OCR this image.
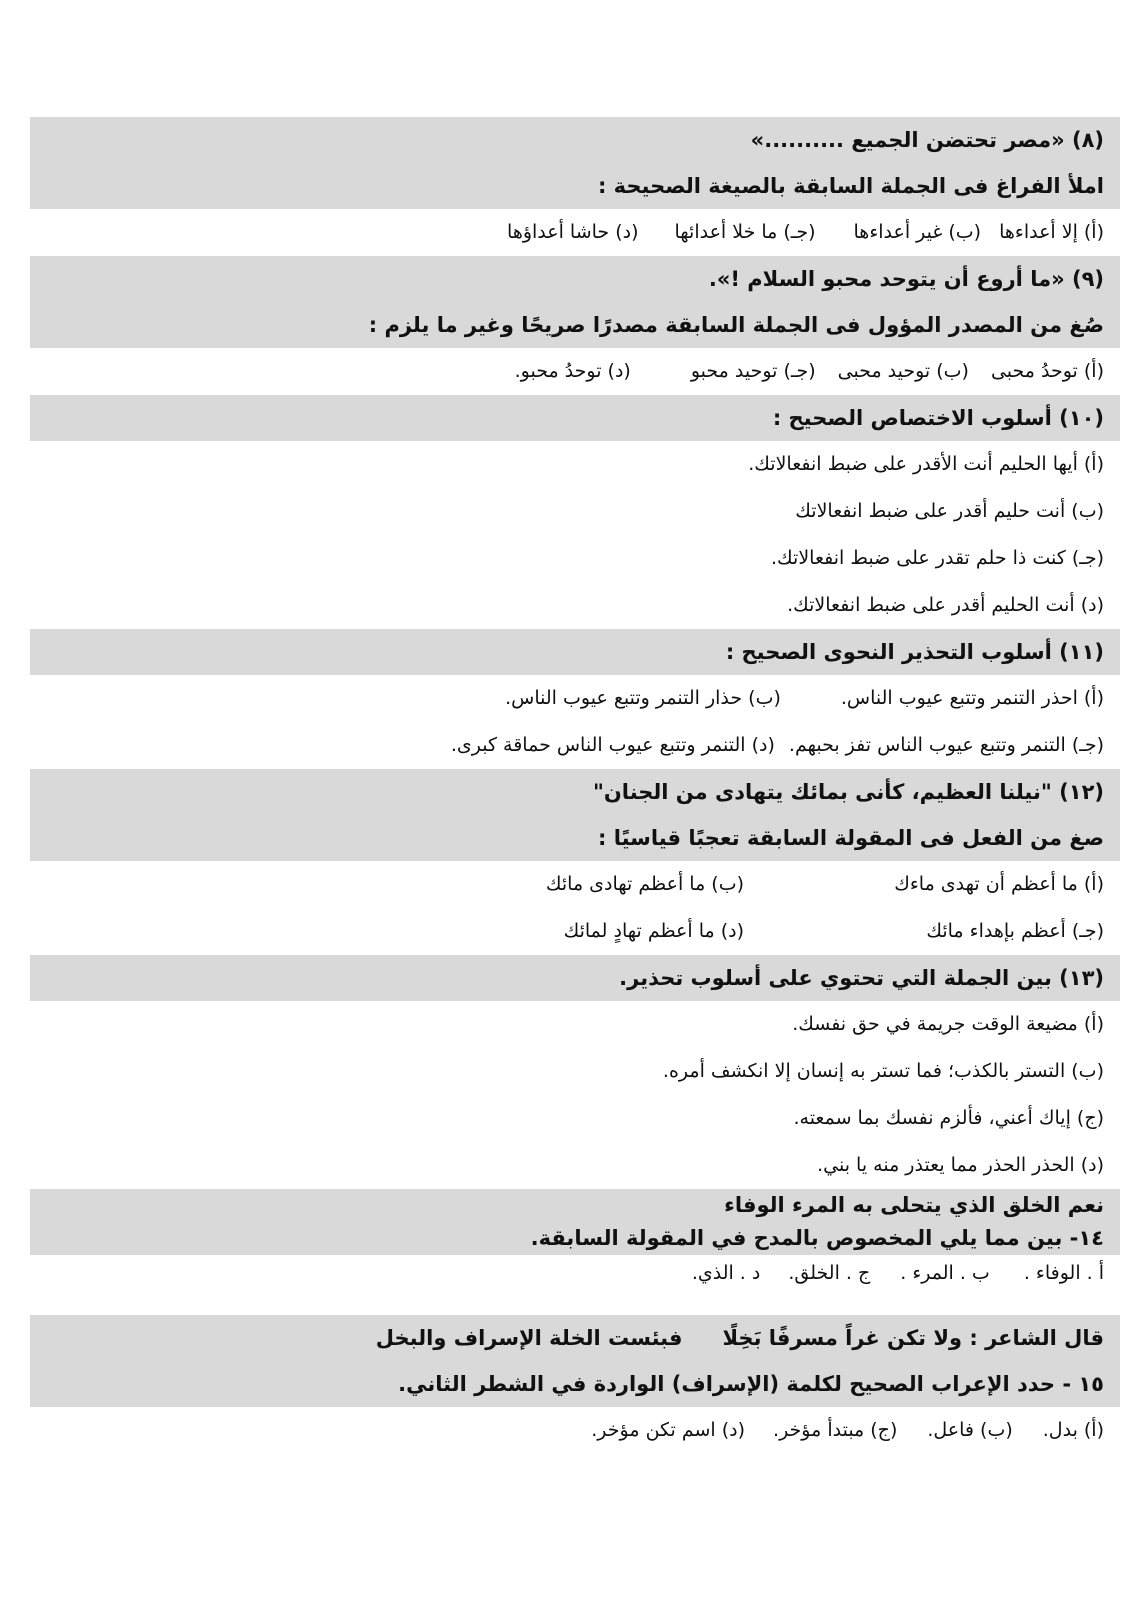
(٨) «مصر تحتضن الجميع ..........»
املأ الفراغ فى الجملة السابقة بالصيغة الصحيحة :
(أ) إلا أعداءها
(ب) غير أعداءها
(جـ) ما خلا أعدائها
(د) حاشا أعداؤها
(٩) «ما أروع أن يتوحد محبو السلام !».
صُغ من المصدر المؤول فى الجملة السابقة مصدرًا صريحًا وغير ما يلزم :
(أ) توحدُ محبى
(ب) توحيد محبى
(جـ) توحيد محبو
(د) توحدُ محبو.
(١٠) أسلوب الاختصاص الصحيح :
(أ) أيها الحليم أنت الأقدر على ضبط انفعالاتك.
(ب) أنت حليم أقدر على ضبط انفعالاتك
(جـ) كنت ذا حلم تقدر على ضبط انفعالاتك.
(د) أنت الحليم أقدر على ضبط انفعالاتك.
(١١) أسلوب التحذير النحوى الصحيح :
(أ) احذر التنمر وتتبع عيوب الناس.
(ب) حذار التنمر وتتبع عيوب الناس.
(جـ) التنمر وتتبع عيوب الناس تفز بحبهم.
(د) التنمر وتتبع عيوب الناس حماقة كبرى.
(١٢) "نيلنا العظيم، كأنى بمائك يتهادى من الجنان"
صغ من الفعل فى المقولة السابقة تعجبًا قياسيًا :
(أ) ما أعظم أن تهدى ماءك
(ب) ما أعظم تهادى مائك
(جـ) أعظم بإهداء مائك
(د) ما أعظم تهادٍ لمائك
(١٣) بين الجملة التي تحتوي على أسلوب تحذير.
(أ) مضيعة الوقت جريمة في حق نفسك.
(ب) التستر بالكذب؛ فما تستر به إنسان إلا انكشف أمره.
(ج) إياك أعني، فألزم نفسك بما سمعته.
(د) الحذر الحذر مما يعتذر منه يا بني.
نعم الخلق الذي يتحلى به المرء الوفاء
١٤- بين مما يلي المخصوص بالمدح في المقولة السابقة.
أ . الوفاء .
ب . المرء .
ج . الخلق.
د . الذي.
قال الشاعر : ولا تكن غراً مسرفًا بَخِلًافبئست الخلة الإسراف والبخل
١٥ - حدد الإعراب الصحيح لكلمة (الإسراف) الواردة في الشطر الثاني.
(أ) بدل.
(ب) فاعل.
(ج) مبتدأ مؤخر.
(د) اسم تكن مؤخر.
